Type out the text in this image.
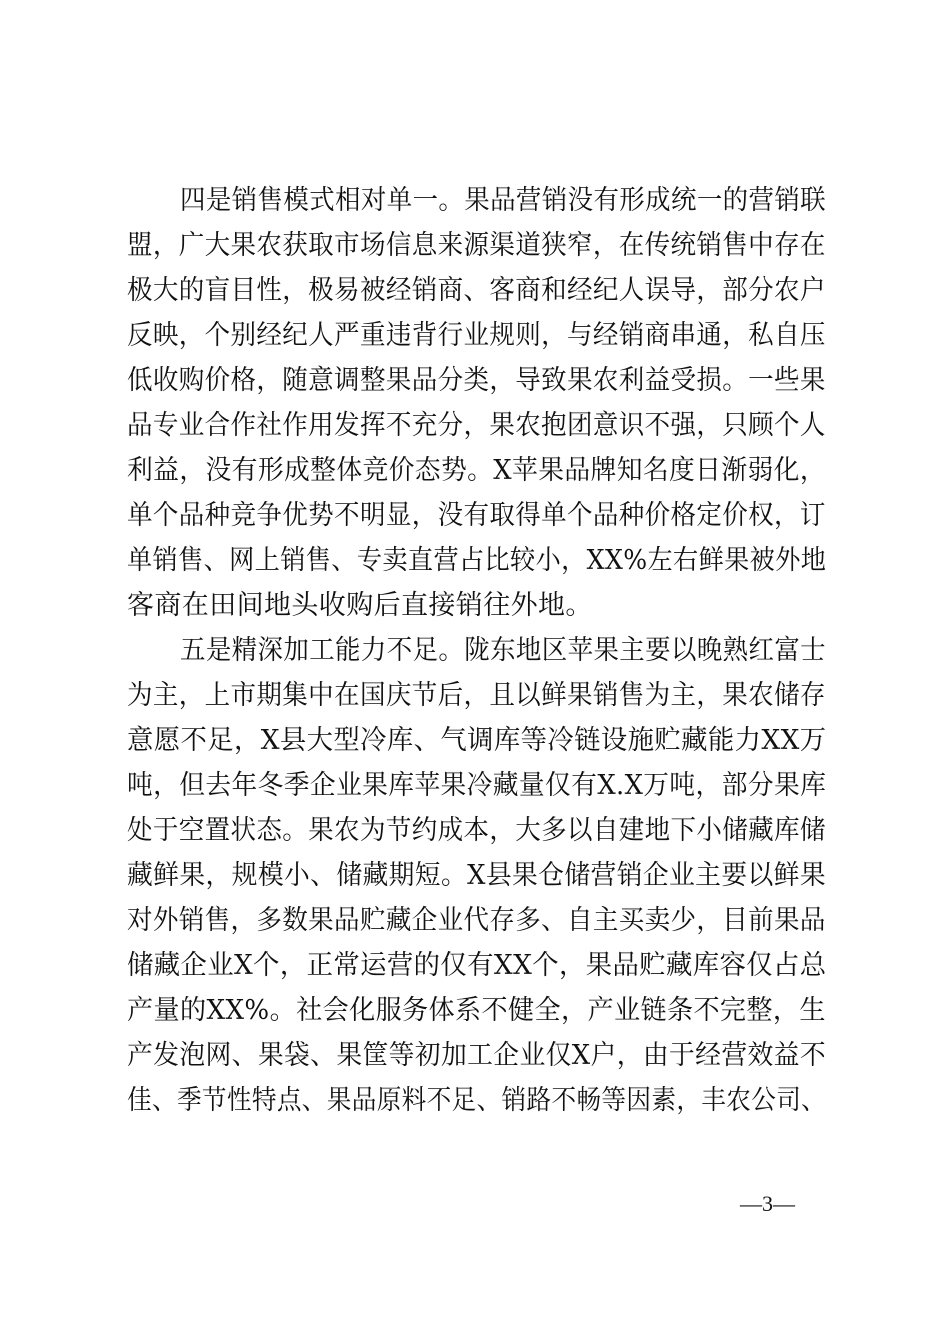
四是销售模式相对单一。果品营销没有形成统一的营销联
盟，广大果农获取市场信息来源渠道狭窄，在传统销售中存在
极大的盲目性，极易被经销商、客商和经纪人误导，部分农户
反映，个别经纪人严重违背行业规则，与经销商串通，私自压
低收购价格，随意调整果品分类，导致果农利益受损。一些果
品专业合作社作用发挥不充分，果农抱团意识不强，只顾个人
利益，没有形成整体竞价态势。X苹果品牌知名度日渐弱化，
单个品种竞争优势不明显，没有取得单个品种价格定价权，订
单销售、网上销售、专卖直营占比较小，XX%左右鲜果被外地
客商在田间地头收购后直接销往外地。
五是精深加工能力不足。陇东地区苹果主要以晚熟红富士
为主，上市期集中在国庆节后，且以鲜果销售为主，果农储存
意愿不足，X县大型冷库、气调库等冷链设施贮藏能力XX万
吨，但去年冬季企业果库苹果冷藏量仅有X.X万吨，部分果库
处于空置状态。果农为节约成本，大多以自建地下小储藏库储
藏鲜果，规模小、储藏期短。X县果仓储营销企业主要以鲜果
对外销售，多数果品贮藏企业代存多、自主买卖少，目前果品
储藏企业X个，正常运营的仅有XX个，果品贮藏库容仅占总
产量的XX%。社会化服务体系不健全，产业链条不完整，生
产发泡网、果袋、果筐等初加工企业仅X户，由于经营效益不
佳、季节性特点、果品原料不足、销路不畅等因素，丰农公司、
—3—
